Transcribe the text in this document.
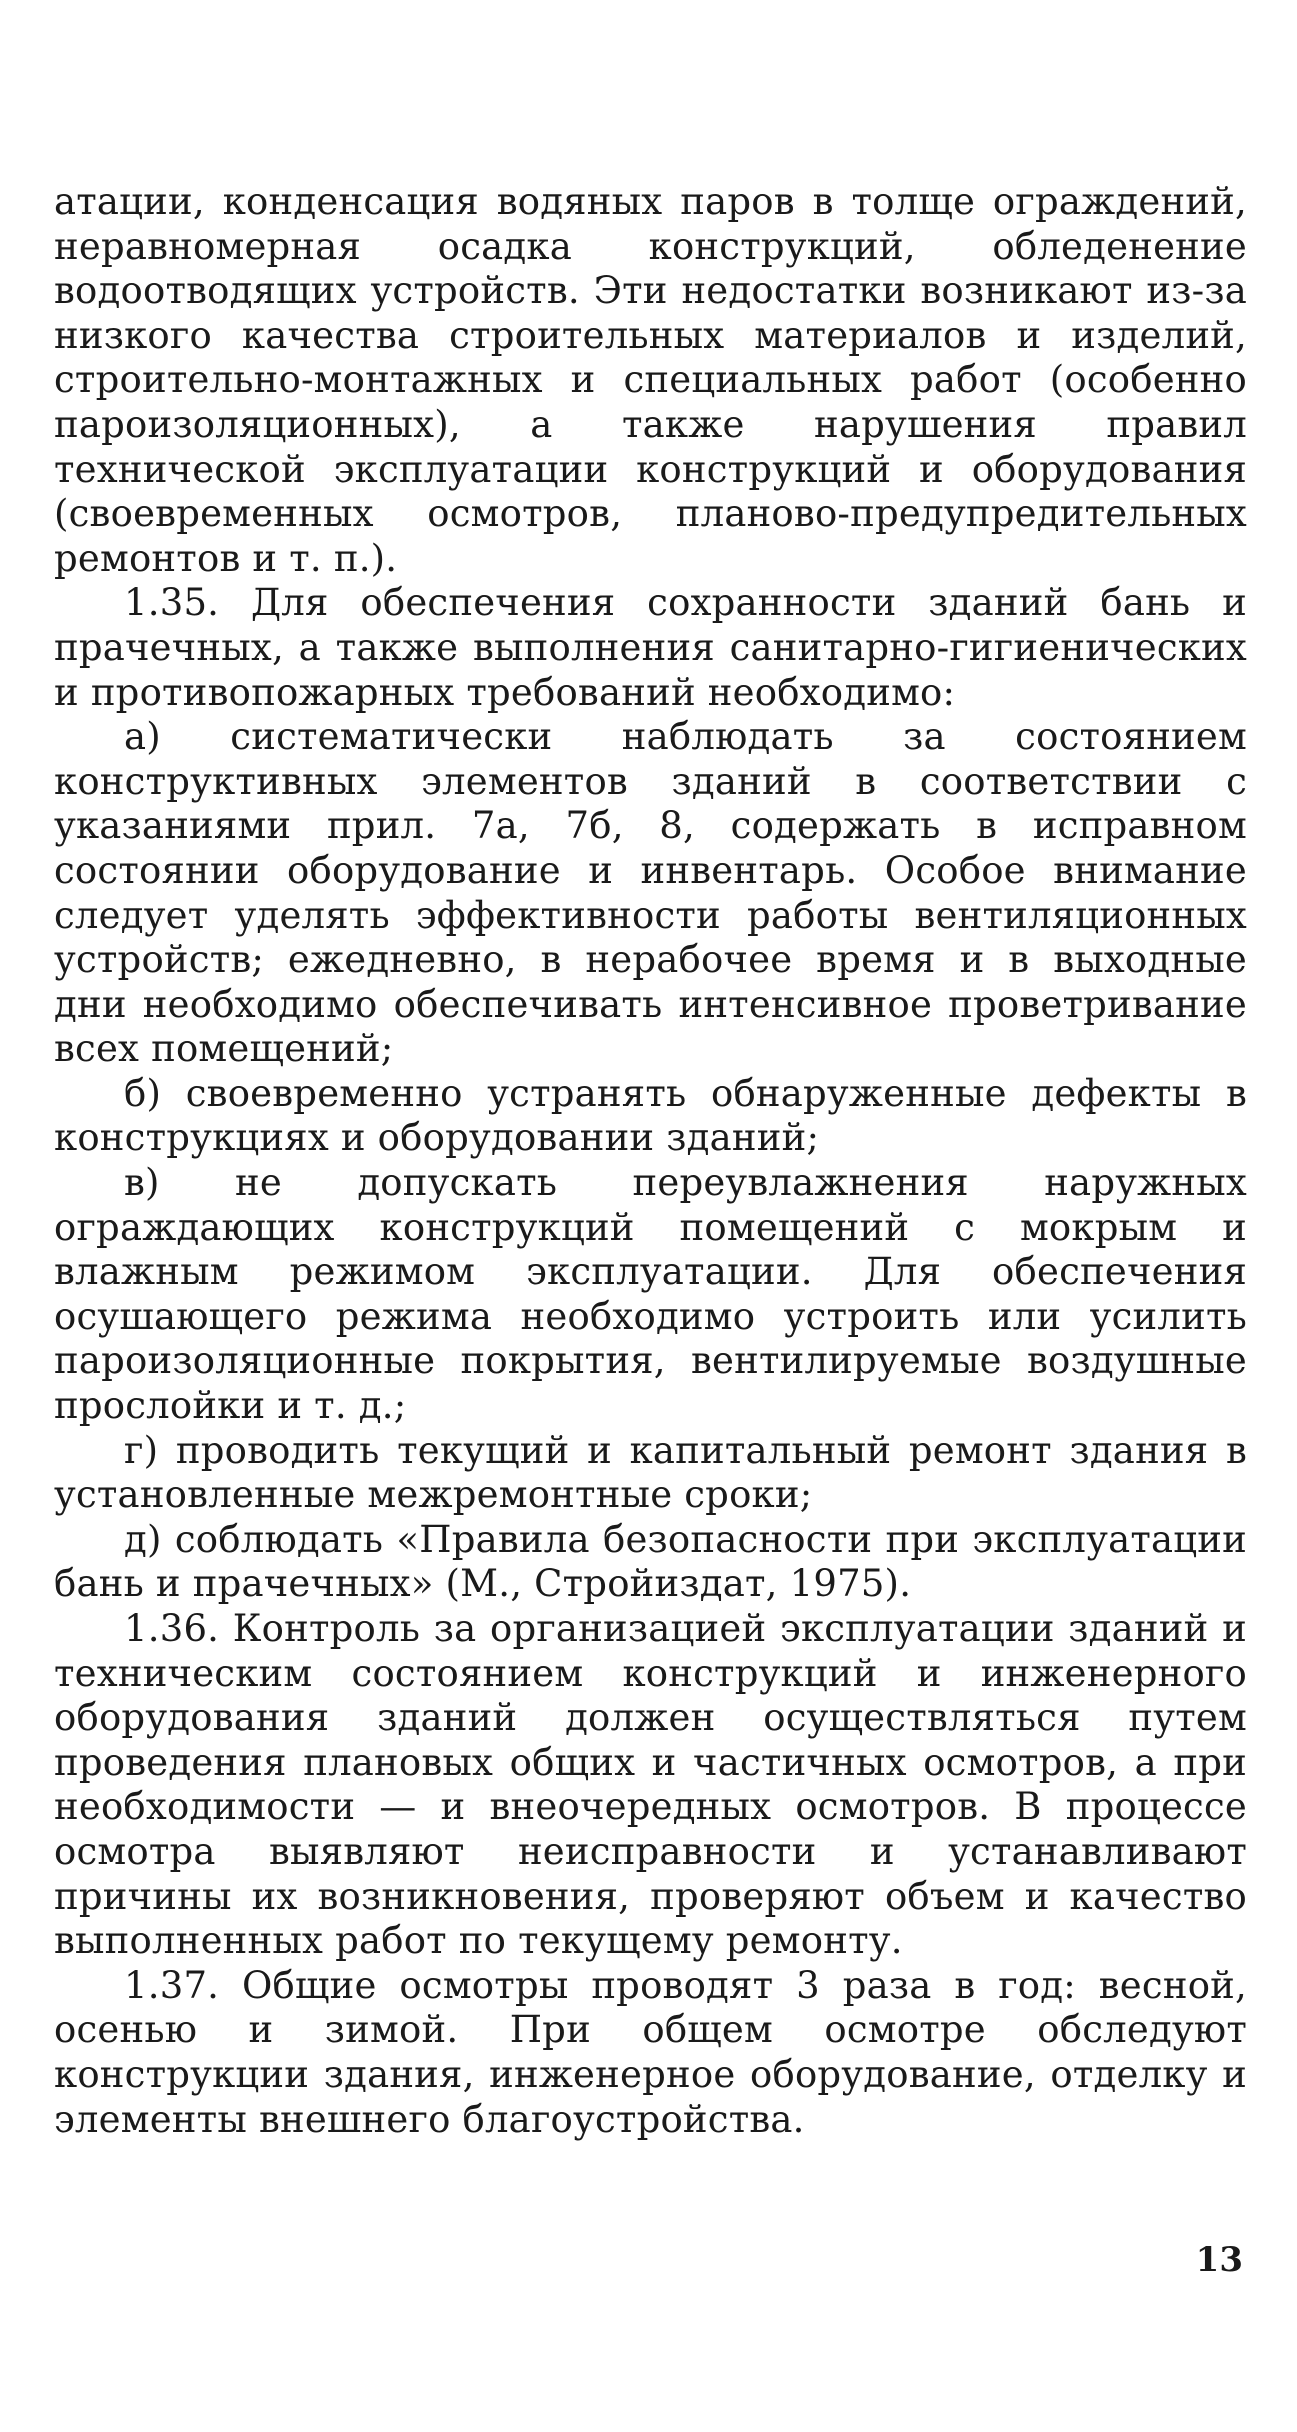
атации, конденсация водяных паров в толще ограждений, неравномерная осадка конструкций, обледенение водоотводящих устройств. Эти недостатки возникают из-за низкого качества строительных материалов и изделий, строительно-монтажных и специальных работ (особенно пароизоляционных), а также нарушения правил технической эксплуатации конструкций и оборудования (своевременных осмотров, планово-предупредительных ремонтов и т. п.).

1.35. Для обеспечения сохранности зданий бань и прачечных, а также выполнения санитарно-гигиенических и противопожарных требований необходимо:

а) систематически наблюдать за состоянием конструктивных элементов зданий в соответствии с указаниями прил. 7а, 7б, 8, содержать в исправном состоянии оборудование и инвентарь. Особое внимание следует уделять эффективности работы вентиляционных устройств; ежедневно, в нерабочее время и в выходные дни необходимо обеспечивать интенсивное проветривание всех помещений;

б) своевременно устранять обнаруженные дефекты в конструкциях и оборудовании зданий;

в) не допускать переувлажнения наружных ограждающих конструкций помещений с мокрым и влажным режимом эксплуатации. Для обеспечения осушающего режима необходимо устроить или усилить пароизоляционные покрытия, вентилируемые воздушные прослойки и т. д.;

г) проводить текущий и капитальный ремонт здания в установленные межремонтные сроки;

д) соблюдать «Правила безопасности при эксплуатации бань и прачечных» (М., Стройиздат, 1975).

1.36. Контроль за организацией эксплуатации зданий и техническим состоянием конструкций и инженерного оборудования зданий должен осуществляться путем проведения плановых общих и частичных осмотров, а при необходимости — и внеочередных осмотров. В процессе осмотра выявляют неисправности и устанавливают причины их возникновения, проверяют объем и качество выполненных работ по текущему ремонту.

1.37. Общие осмотры проводят 3 раза в год: весной, осенью и зимой. При общем осмотре обследуют конструкции здания, инженерное оборудование, отделку и элементы внешнего благоустройства.

13
